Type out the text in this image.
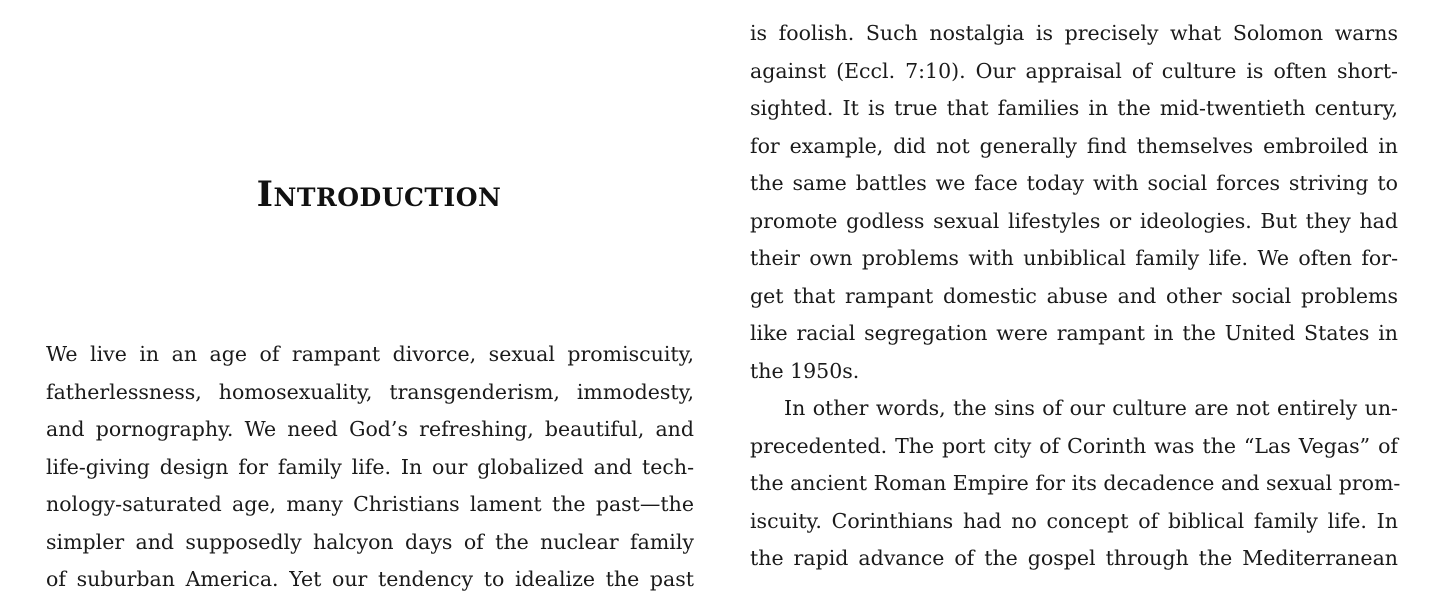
Introduction
We live in an age of rampant divorce, sexual promiscuity,
fatherlessness, homosexuality, transgenderism, immodesty,
and pornography. We need God’s refreshing, beautiful, and
life-giving design for family life. In our globalized and tech-
nology-saturated age, many Christians lament the past—the
simpler and supposedly halcyon days of the nuclear family
of suburban America. Yet our tendency to idealize the past
is foolish. Such nostalgia is precisely what Solomon warns
against (Eccl. 7:10). Our appraisal of culture is often short-
sighted. It is true that families in the mid-twentieth century,
for example, did not generally find themselves embroiled in
the same battles we face today with social forces striving to
promote godless sexual lifestyles or ideologies. But they had
their own problems with unbiblical family life. We often for-
get that rampant domestic abuse and other social problems
like racial segregation were rampant in the United States in
the 1950s.
In other words, the sins of our culture are not entirely un-
precedented. The port city of Corinth was the “Las Vegas” of
the ancient Roman Empire for its decadence and sexual prom-
iscuity. Corinthians had no concept of biblical family life. In
the rapid advance of the gospel through the Mediterranean
